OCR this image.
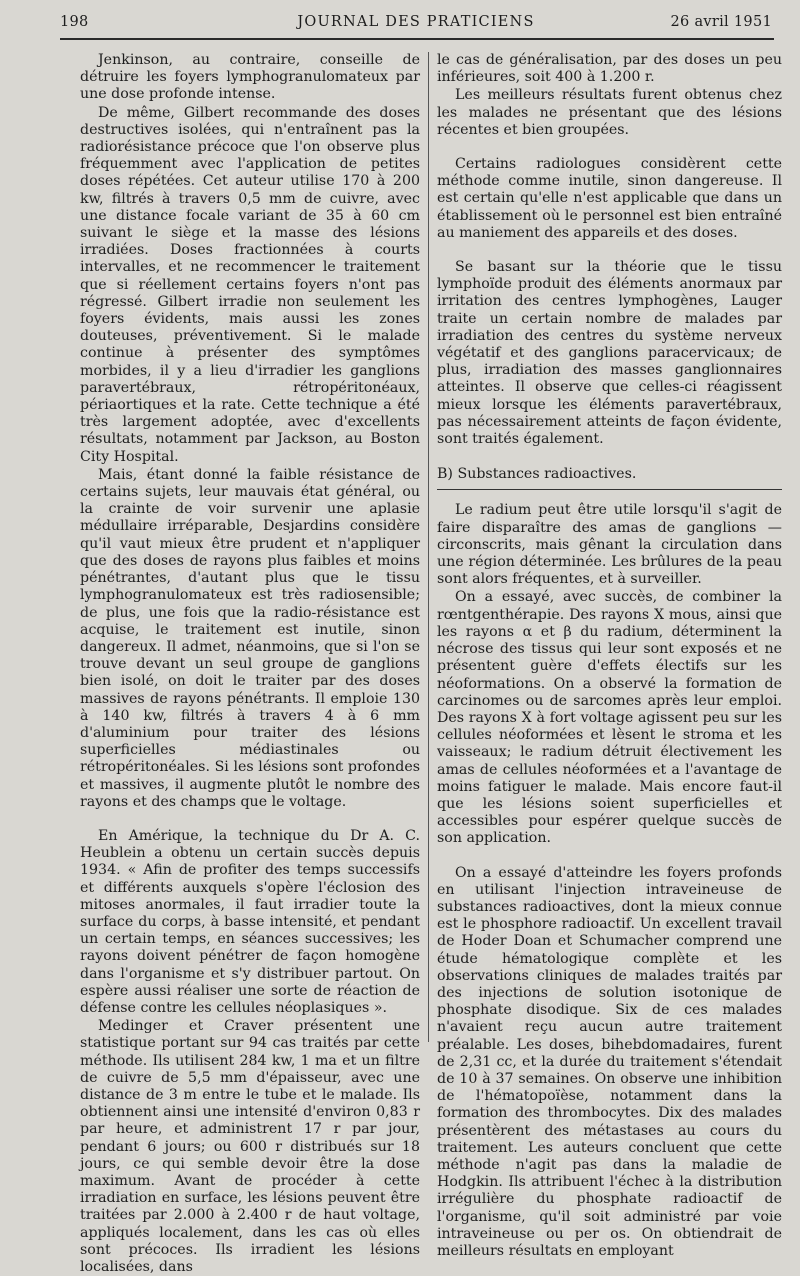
198	JOURNAL DES PRATICIENS	26 avril 1951

Jenkinson, au contraire, conseille de détruire les foyers lymphogranulomateux par une dose profonde intense.

De même, Gilbert recommande des doses destructives isolées, qui n'entraînent pas la radiorésistance précoce que l'on observe plus fréquemment avec l'application de petites doses répétées. Cet auteur utilise 170 à 200 kw, filtrés à travers 0,5 mm de cuivre, avec une distance focale variant de 35 à 60 cm suivant le siège et la masse des lésions irradiées. Doses fractionnées à courts intervalles, et ne recommencer le traitement que si réellement certains foyers n'ont pas régressé. Gilbert irradie non seulement les foyers évidents, mais aussi les zones douteuses, préventivement. Si le malade continue à présenter des symptômes morbides, il y a lieu d'irradier les ganglions paravertébraux, rétropéritonéaux, périaortiques et la rate. Cette technique a été très largement adoptée, avec d'excellents résultats, notamment par Jackson, au Boston City Hospital.

Mais, étant donné la faible résistance de certains sujets, leur mauvais état général, ou la crainte de voir survenir une aplasie médullaire irréparable, Desjardins considère qu'il vaut mieux être prudent et n'appliquer que des doses de rayons plus faibles et moins pénétrantes, d'autant plus que le tissu lymphogranulomateux est très radiosensible; de plus, une fois que la radio-résistance est acquise, le traitement est inutile, sinon dangereux. Il admet, néanmoins, que si l'on se trouve devant un seul groupe de ganglions bien isolé, on doit le traiter par des doses massives de rayons pénétrants. Il emploie 130 à 140 kw, filtrés à travers 4 à 6 mm d'aluminium pour traiter des lésions superficielles médiastinales ou rétropéritonéales. Si les lésions sont profondes et massives, il augmente plutôt le nombre des rayons et des champs que le voltage.

En Amérique, la technique du Dr A. C. Heublein a obtenu un certain succès depuis 1934. « Afin de profiter des temps successifs et différents auxquels s'opère l'éclosion des mitoses anormales, il faut irradier toute la surface du corps, à basse intensité, et pendant un certain temps, en séances successives; les rayons doivent pénétrer de façon homogène dans l'organisme et s'y distribuer partout. On espère aussi réaliser une sorte de réaction de défense contre les cellules néoplasiques ».

Medinger et Craver présentent une statistique portant sur 94 cas traités par cette méthode. Ils utilisent 284 kw, 1 ma et un filtre de cuivre de 5,5 mm d'épaisseur, avec une distance de 3 m entre le tube et le malade. Ils obtiennent ainsi une intensité d'environ 0,83 r par heure, et administrent 17 r par jour, pendant 6 jours; ou 600 r distribués sur 18 jours, ce qui semble devoir être la dose maximum. Avant de procéder à cette irradiation en surface, les lésions peuvent être traitées par 2.000 à 2.400 r de haut voltage, appliqués localement, dans les cas où elles sont précoces. Ils irradient les lésions localisées, dans

le cas de généralisation, par des doses un peu inférieures, soit 400 à 1.200 r.

Les meilleurs résultats furent obtenus chez les malades ne présentant que des lésions récentes et bien groupées.

Certains radiologues considèrent cette méthode comme inutile, sinon dangereuse. Il est certain qu'elle n'est applicable que dans un établissement où le personnel est bien entraîné au maniement des appareils et des doses.

Se basant sur la théorie que le tissu lymphoïde produit des éléments anormaux par irritation des centres lymphogènes, Lauger traite un certain nombre de malades par irradiation des centres du système nerveux végétatif et des ganglions paracervicaux; de plus, irradiation des masses ganglionnaires atteintes. Il observe que celles-ci réagissent mieux lorsque les éléments paravertébraux, pas nécessairement atteints de façon évidente, sont traités également.

B) Substances radioactives.

Le radium peut être utile lorsqu'il s'agit de faire disparaître des amas de ganglions — circonscrits, mais gênant la circulation dans une région déterminée. Les brûlures de la peau sont alors fréquentes, et à surveiller.

On a essayé, avec succès, de combiner la rœntgenthérapie. Des rayons X mous, ainsi que les rayons α et β du radium, déterminent la nécrose des tissus qui leur sont exposés et ne présentent guère d'effets électifs sur les néoformations. On a observé la formation de carcinomes ou de sarcomes après leur emploi. Des rayons X à fort voltage agissent peu sur les cellules néoformées et lèsent le stroma et les vaisseaux; le radium détruit électivement les amas de cellules néoformées et a l'avantage de moins fatiguer le malade. Mais encore faut-il que les lésions soient superficielles et accessibles pour espérer quelque succès de son application.

On a essayé d'atteindre les foyers profonds en utilisant l'injection intraveineuse de substances radioactives, dont la mieux connue est le phosphore radioactif. Un excellent travail de Hoder Doan et Schumacher comprend une étude hématologique complète et les observations cliniques de malades traités par des injections de solution isotonique de phosphate disodique. Six de ces malades n'avaient reçu aucun autre traitement préalable. Les doses, bihebdomadaires, furent de 2,31 cc, et la durée du traitement s'étendait de 10 à 37 semaines. On observe une inhibition de l'hématopoïèse, notamment dans la formation des thrombocytes. Dix des malades présentèrent des métastases au cours du traitement. Les auteurs concluent que cette méthode n'agit pas dans la maladie de Hodgkin. Ils attribuent l'échec à la distribution irrégulière du phosphate radioactif de l'organisme, qu'il soit administré par voie intraveineuse ou per os. On obtiendrait de meilleurs résultats en employant
